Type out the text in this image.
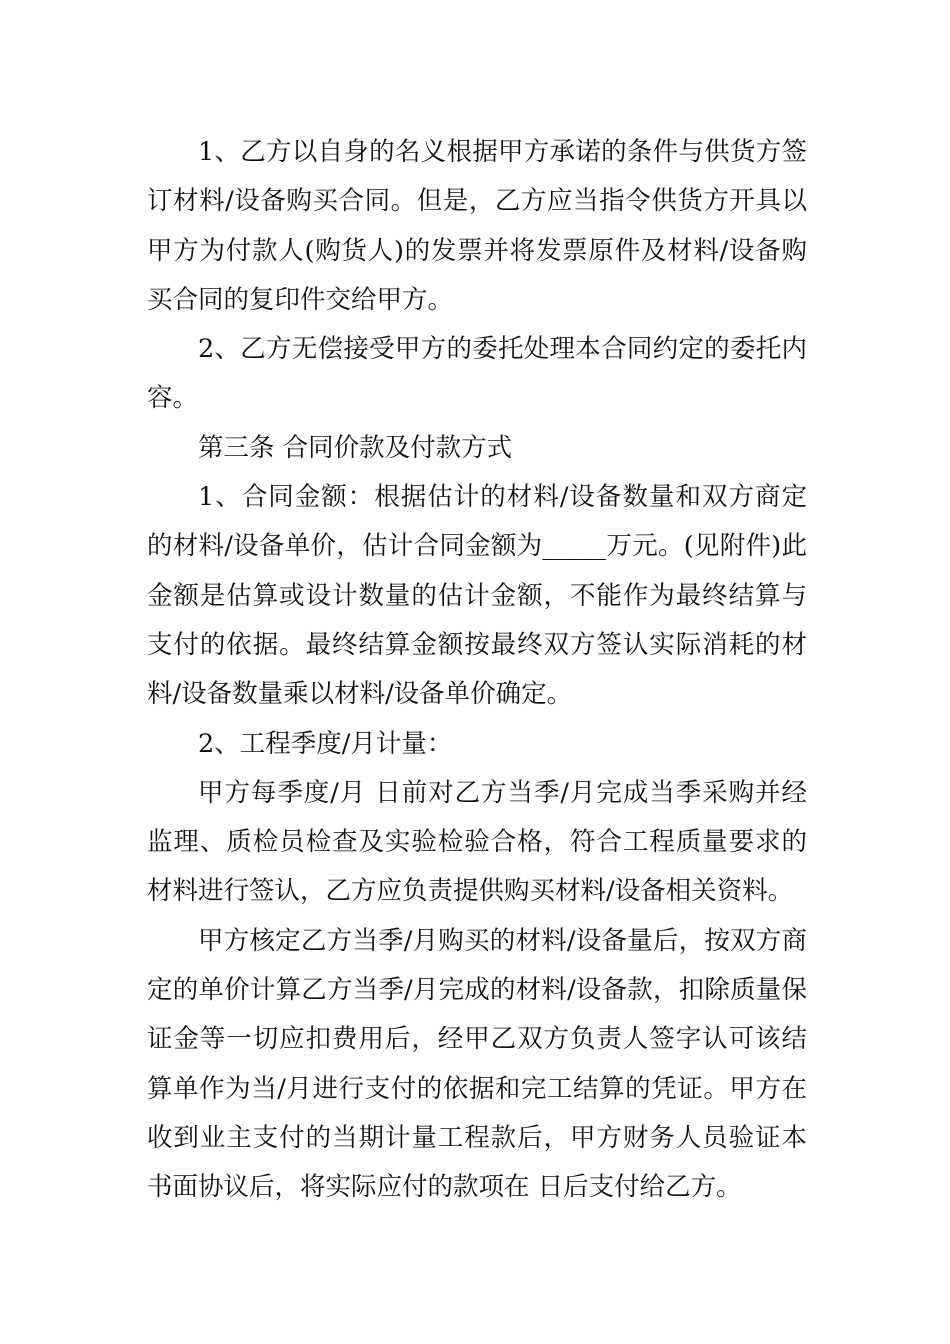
1、乙方以自身的名义根据甲方承诺的条件与供货方签订材料/设备购买合同。但是，乙方应当指令供货方开具以甲方为付款人(购货人)的发票并将发票原件及材料/设备购买合同的复印件交给甲方。

2、乙方无偿接受甲方的委托处理本合同约定的委托内容。

第三条 合同价款及付款方式

1、合同金额：根据估计的材料/设备数量和双方商定的材料/设备单价，估计合同金额为_____万元。(见附件)此金额是估算或设计数量的估计金额，不能作为最终结算与支付的依据。最终结算金额按最终双方签认实际消耗的材料/设备数量乘以材料/设备单价确定。

2、工程季度/月计量：

甲方每季度/月 日前对乙方当季/月完成当季采购并经监理、质检员检查及实验检验合格，符合工程质量要求的材料进行签认，乙方应负责提供购买材料/设备相关资料。

甲方核定乙方当季/月购买的材料/设备量后，按双方商定的单价计算乙方当季/月完成的材料/设备款，扣除质量保证金等一切应扣费用后，经甲乙双方负责人签字认可该结算单作为当/月进行支付的依据和完工结算的凭证。甲方在收到业主支付的当期计量工程款后，甲方财务人员验证本书面协议后，将实际应付的款项在 日后支付给乙方。
